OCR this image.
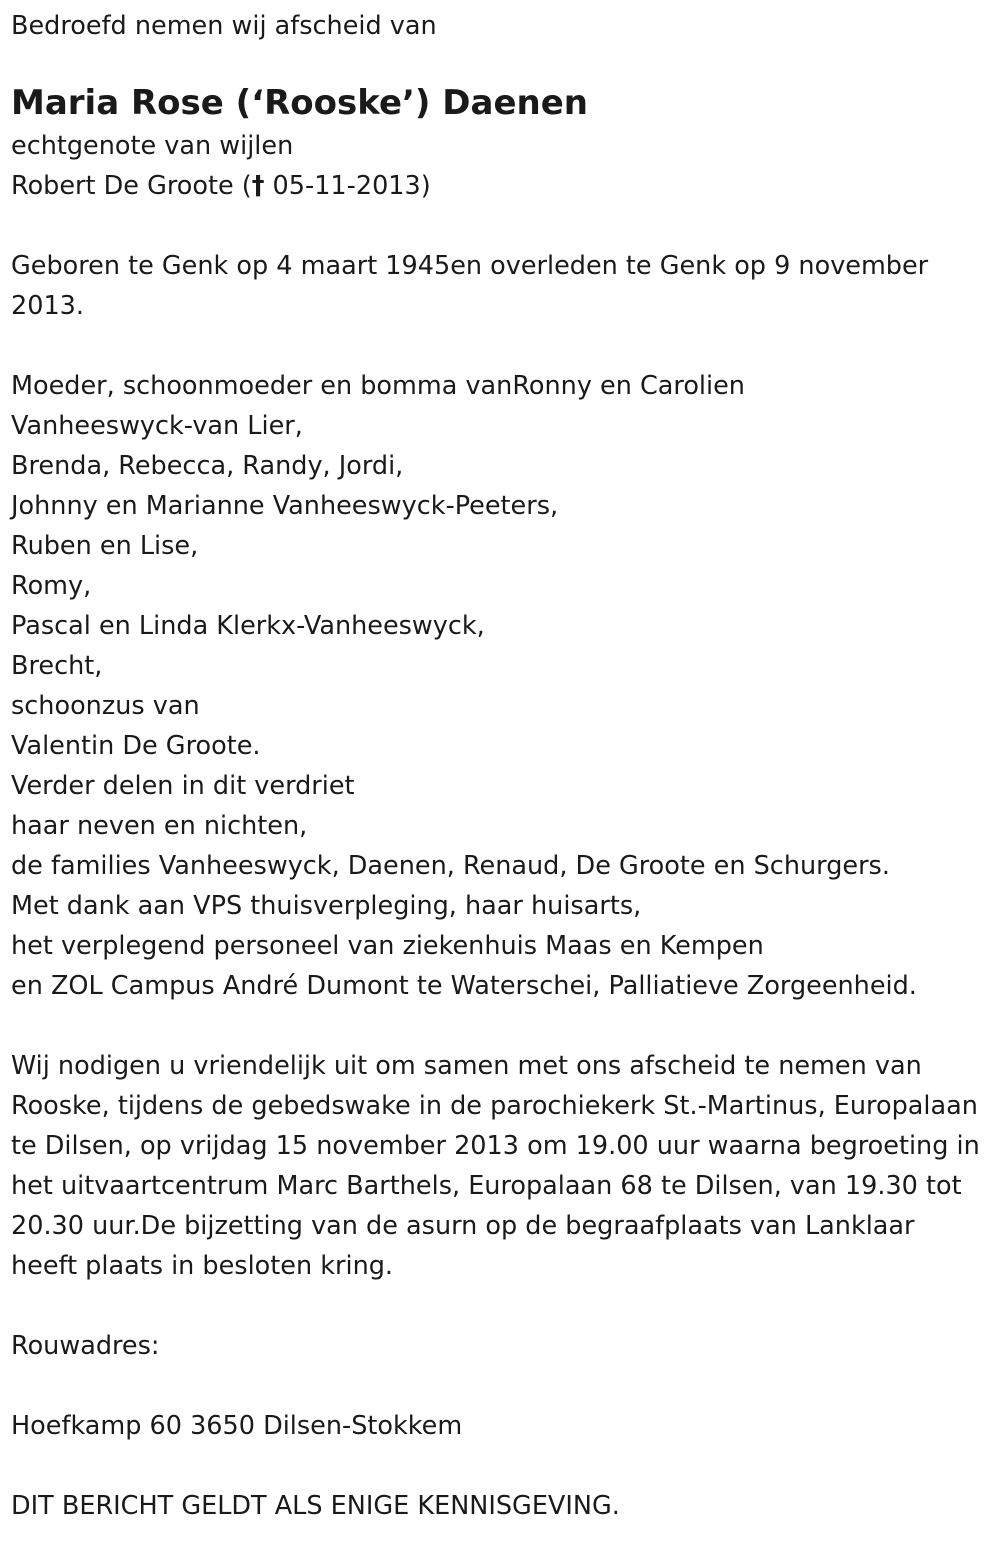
Bedroefd nemen wij afscheid van

Maria Rose (‘Rooske’) Daenen

echtgenote van wijlen

Robert De Groote († 05-11-2013)

Geboren te Genk op 4 maart 1945en overleden te Genk op 9 november 2013.

Moeder, schoonmoeder en bomma vanRonny en Carolien

Vanheeswyck-van Lier,

Brenda, Rebecca, Randy, Jordi,

Johnny en Marianne Vanheeswyck-Peeters,

Ruben en Lise,

Romy,

Pascal en Linda Klerkx-Vanheeswyck,

Brecht,

schoonzus van

Valentin De Groote.

Verder delen in dit verdriet

haar neven en nichten,

de families Vanheeswyck, Daenen, Renaud, De Groote en Schurgers.

Met dank aan VPS thuisverpleging, haar huisarts,

het verplegend personeel van ziekenhuis Maas en Kempen

en ZOL Campus André Dumont te Waterschei, Palliatieve Zorgeenheid.

Wij nodigen u vriendelijk uit om samen met ons afscheid te nemen van Rooske, tijdens de gebedswake in de parochiekerk St.-Martinus, Europalaan te Dilsen, op vrijdag 15 november 2013 om 19.00 uur waarna begroeting in het uitvaartcentrum Marc Barthels, Europalaan 68 te Dilsen, van 19.30 tot 20.30 uur.De bijzetting van de asurn op de begraafplaats van Lanklaar heeft plaats in besloten kring.

Rouwadres:

Hoefkamp 60 3650 Dilsen-Stokkem

DIT BERICHT GELDT ALS ENIGE KENNISGEVING.
